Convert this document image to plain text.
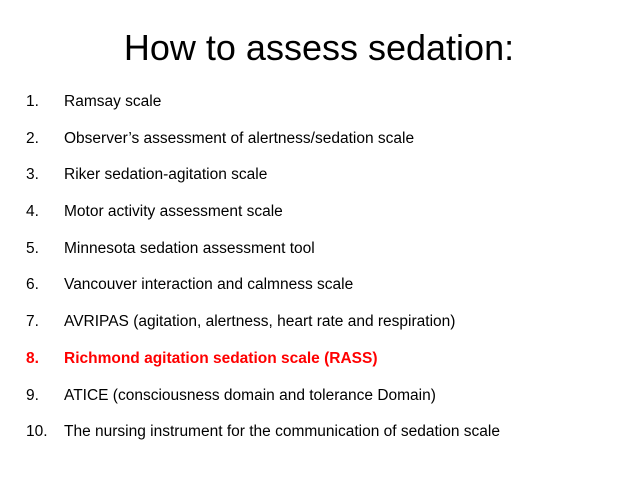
How to assess sedation:
1.	Ramsay scale
2.	Observer’s assessment of alertness/sedation scale
3.	Riker sedation-agitation scale
4.	Motor activity assessment scale
5.	Minnesota sedation assessment tool
6.	Vancouver interaction and calmness scale
7.	AVRIPAS (agitation, alertness, heart rate and respiration)
8.	Richmond agitation sedation scale (RASS)
9.	ATICE (consciousness domain and tolerance Domain)
10.	The nursing instrument for the communication of sedation scale
